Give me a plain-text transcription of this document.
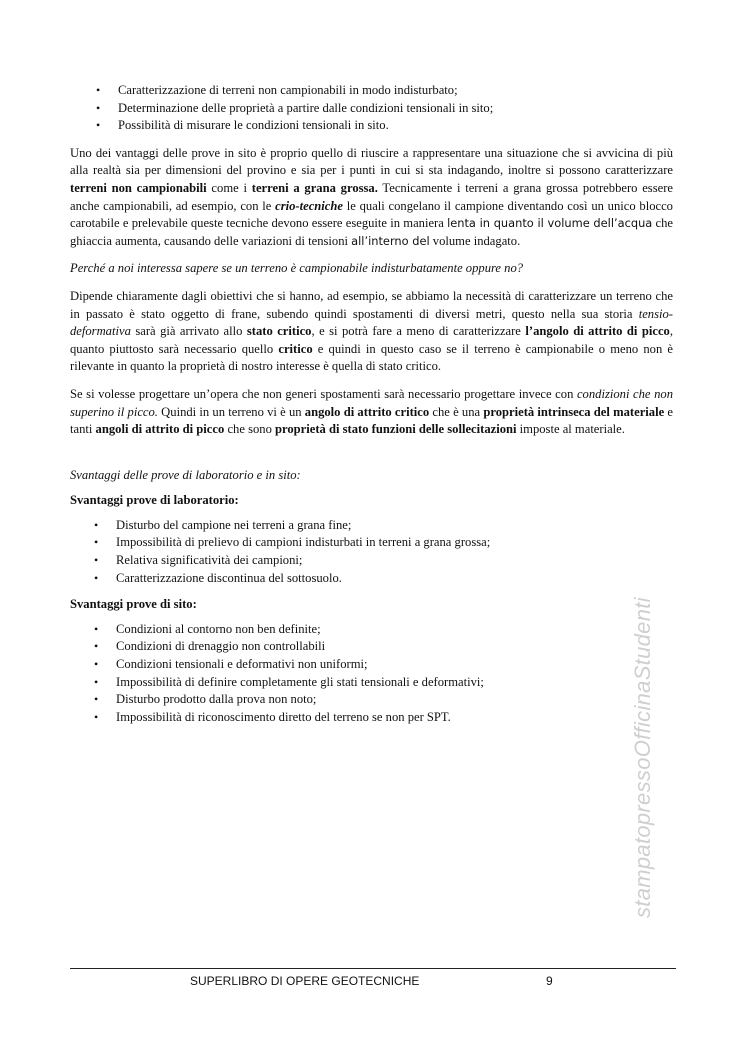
• Caratterizzazione di terreni non campionabili in modo indisturbato;
• Determinazione delle proprietà a partire dalle condizioni tensionali in sito;
• Possibilità di misurare le condizioni tensionali in sito.

Uno dei vantaggi delle prove in sito è proprio quello di riuscire a rappresentare una situazione che si avvicina di più alla realtà sia per dimensioni del provino e sia per i punti in cui si sta indagando, inoltre si possono caratterizzare terreni non campionabili come i terreni a grana grossa. Tecnicamente i terreni a grana grossa potrebbero essere anche campionabili, ad esempio, con le crio-tecniche le quali congelano il campione diventando così un unico blocco carotabile e prelevabile queste tecniche devono essere eseguite in maniera lenta in quanto il volume dell’acqua che ghiaccia aumenta, causando delle variazioni di tensioni all’interno del volume indagato.

Perché a noi interessa sapere se un terreno è campionabile indisturbatamente oppure no?

Dipende chiaramente dagli obiettivi che si hanno, ad esempio, se abbiamo la necessità di caratterizzare un terreno che in passato è stato oggetto di frane, subendo quindi spostamenti di diversi metri, questo nella sua storia tensio-deformativa sarà già arrivato allo stato critico, e si potrà fare a meno di caratterizzare l’angolo di attrito di picco, quanto piuttosto sarà necessario quello critico e quindi in questo caso se il terreno è campionabile o meno non è rilevante in quanto la proprietà di nostro interesse è quella di stato critico.

Se si volesse progettare un’opera che non generi spostamenti sarà necessario progettare invece con condizioni che non superino il picco. Quindi in un terreno vi è un angolo di attrito critico che è una proprietà intrinseca del materiale e tanti angoli di attrito di picco che sono proprietà di stato funzioni delle sollecitazioni imposte al materiale.

Svantaggi delle prove di laboratorio e in sito:
Svantaggi prove di laboratorio:
• Disturbo del campione nei terreni a grana fine;
• Impossibilità di prelievo di campioni indisturbati in terreni a grana grossa;
• Relativa significatività dei campioni;
• Caratterizzazione discontinua del sottosuolo.
Svantaggi prove di sito:
• Condizioni al contorno non ben definite;
• Condizioni di drenaggio non controllabili
• Condizioni tensionali e deformativi non uniformi;
• Impossibilità di definire completamente gli stati tensionali e deformativi;
• Disturbo prodotto dalla prova non noto;
• Impossibilità di riconoscimento diretto del terreno se non per SPT.	stampatopressoOfficinaStudenti
SUPERLIBRO DI OPERE GEOTECNICHE	9
